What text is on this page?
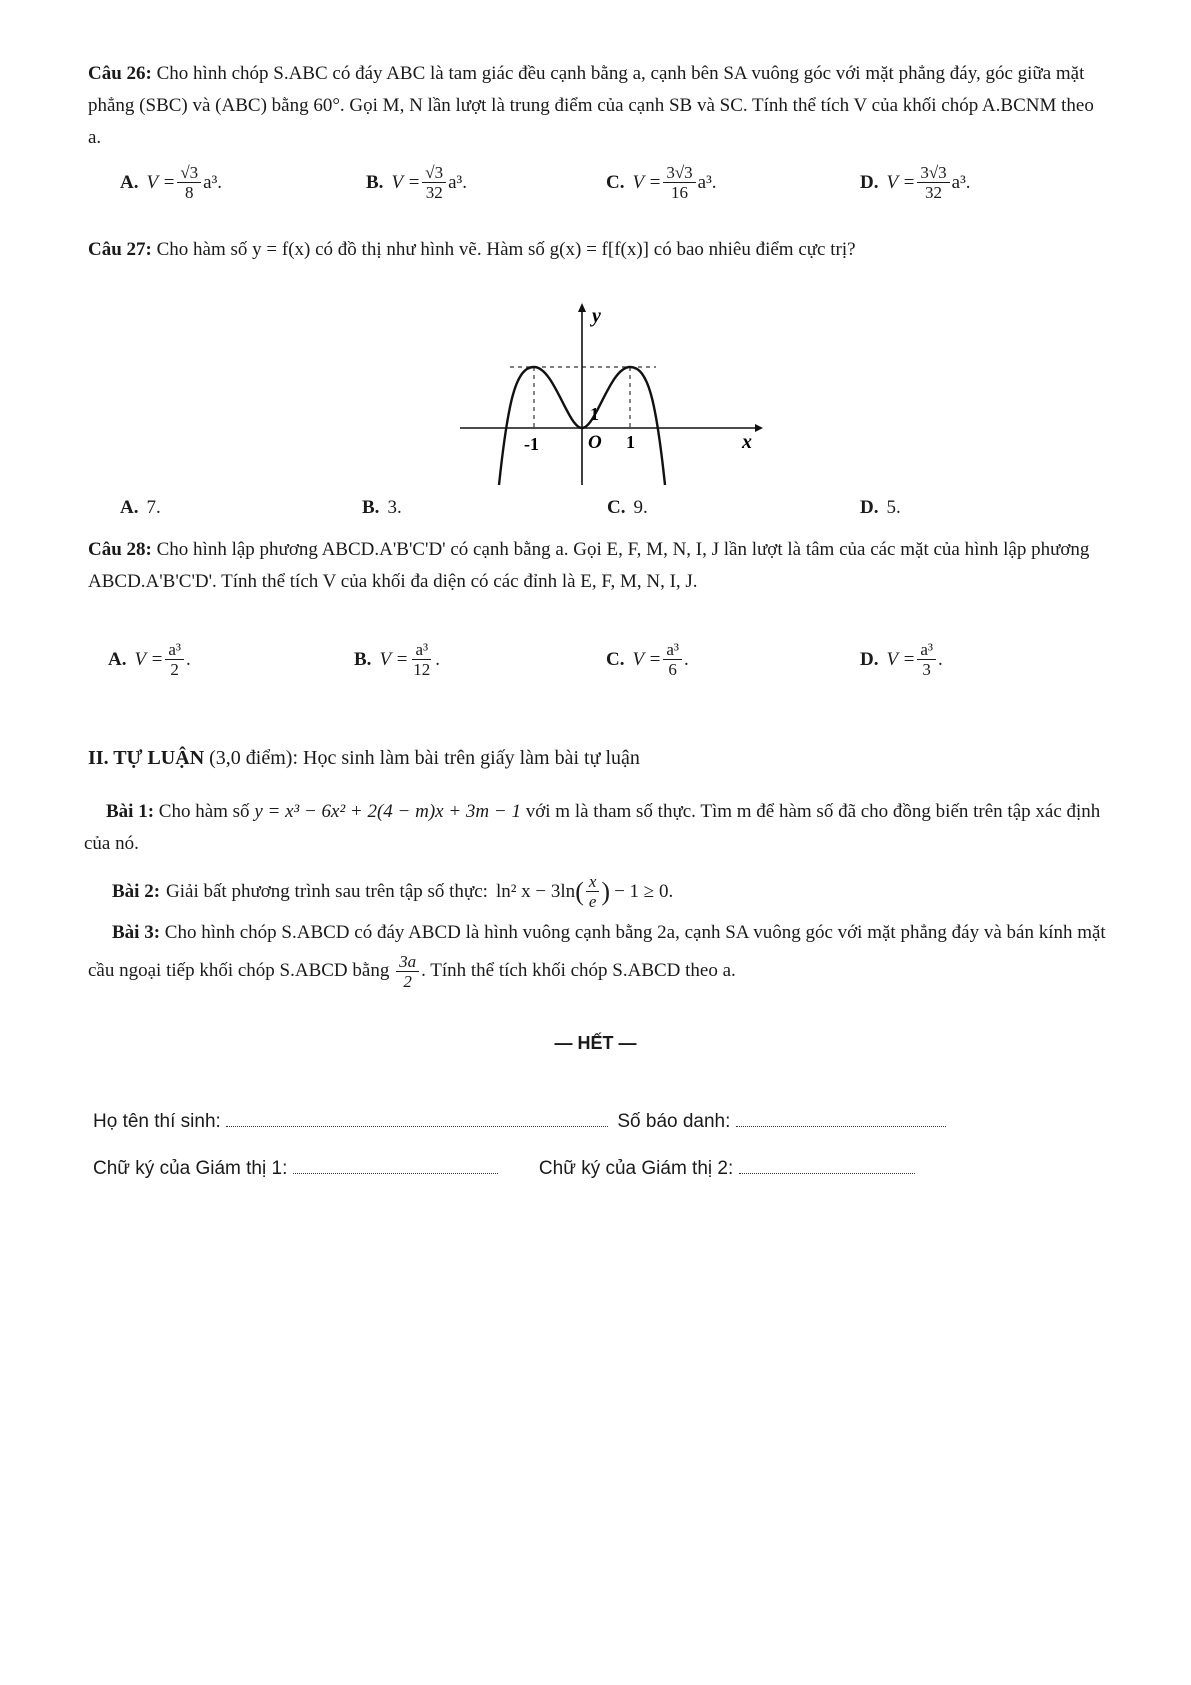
Câu 26: Cho hình chóp S.ABC có đáy ABC là tam giác đều cạnh bằng a, cạnh bên SA vuông góc với mặt phẳng đáy, góc giữa mặt phẳng (SBC) và (ABC) bằng 60°. Gọi M, N lần lượt là trung điểm của cạnh SB và SC. Tính thể tích V của khối chóp A.BCNM theo a.
A. $V = \frac{√3}{8} a^3$.	B. $V = \frac{√3}{32} a^3$.	C. $V = \frac{3√3}{16} a^3$.	D. $V = \frac{3√3}{32} a^3$.
Câu 27: Cho hàm số y = f(x) có đồ thị như hình vẽ. Hàm số g(x) = f[f(x)] có bao nhiêu điểm cực trị?
y
x
1
O
-1	1
A. 7.	B. 3.	C. 9.	D. 5.
Câu 28: Cho hình lập phương ABCD.A'B'C'D' có cạnh bằng a. Gọi E, F, M, N, I, J lần lượt là tâm của các mặt của hình lập phương ABCD.A'B'C'D'. Tính thể tích V của khối đa diện có các đỉnh là E, F, M, N, I, J.
A. $V = \frac{\text{a³}}{2}$ .	B. $V = \frac{\text{a³}}{12}$ .	C. $V = \frac{\text{a³}}{6}$ .	D. $V = \frac{\text{a³}}{3}$ .
II. TỰ LUẬN (3,0 điểm): Học sinh làm bài trên giấy làm bài tự luận
Bài 1: Cho hàm số y = x³ − 6x² + 2(4 − m)x + 3m − 1 với m là tham số thực. Tìm m để hàm số đã cho đồng biến trên tập xác định của nó.
Bài 2: Giải bất phương trình sau trên tập số thực: ln² x − 3ln ( $\frac{x}{e}$ ) − 1 ≥ 0.
Bài 3: Cho hình chóp S.ABCD có đáy ABCD là hình vuông cạnh bằng 2a, cạnh SA vuông góc với mặt phẳng đáy và bán kính mặt cầu ngoại tiếp khối chóp S.ABCD bằng $\frac{3a}{2}$ . Tính thể tích khối chóp S.ABCD theo a.
— HẾT —
Họ tên thí sinh:	Số báo danh:
Chữ ký của Giám thị 1:	Chữ ký của Giám thị 2:
